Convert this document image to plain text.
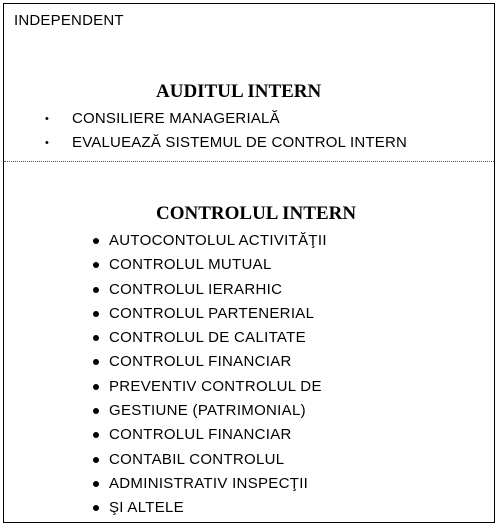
INDEPENDENT
AUDITUL INTERN
• CONSILIERE MANAGERIALĂ
• EVALUEAZĂ SISTEMUL DE CONTROL INTERN
CONTROLUL INTERN
AUTOCONTOLUL ACTIVITĂŢII
CONTROLUL MUTUAL
CONTROLUL IERARHIC
CONTROLUL PARTENERIAL
CONTROLUL DE CALITATE
CONTROLUL FINANCIAR
PREVENTIV CONTROLUL DE
GESTIUNE (PATRIMONIAL)
CONTROLUL FINANCIAR
CONTABIL CONTROLUL
ADMINISTRATIV INSPECŢII
ŞI ALTELE
